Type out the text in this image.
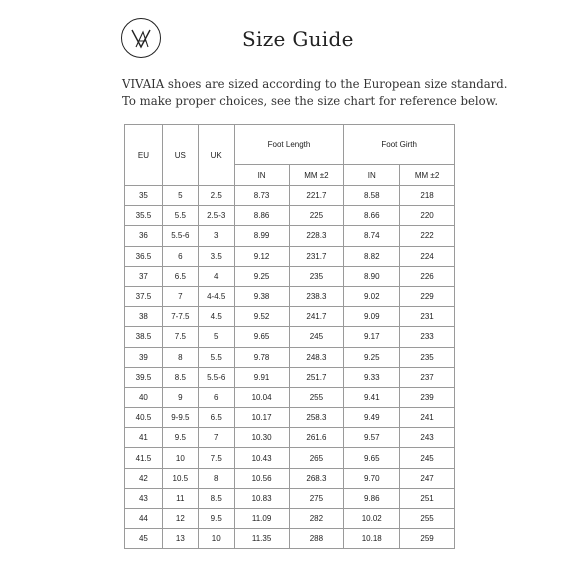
Size Guide
VIVAIA shoes are sized according to the European size standard.
To make proper choices, see the size chart for reference below.
EU	US	UK	Foot Length		Foot Girth	
			IN	MM ±2	IN	MM ±2
35	5	2.5	8.73	221.7	8.58	218
35.5	5.5	2.5-3	8.86	225	8.66	220
36	5.5-6	3	8.99	228.3	8.74	222
36.5	6	3.5	9.12	231.7	8.82	224
37	6.5	4	9.25	235	8.90	226
37.5	7	4-4.5	9.38	238.3	9.02	229
38	7-7.5	4.5	9.52	241.7	9.09	231
38.5	7.5	5	9.65	245	9.17	233
39	8	5.5	9.78	248.3	9.25	235
39.5	8.5	5.5-6	9.91	251.7	9.33	237
40	9	6	10.04	255	9.41	239
40.5	9-9.5	6.5	10.17	258.3	9.49	241
41	9.5	7	10.30	261.6	9.57	243
41.5	10	7.5	10.43	265	9.65	245
42	10.5	8	10.56	268.3	9.70	247
43	11	8.5	10.83	275	9.86	251
44	12	9.5	11.09	282	10.02	255
45	13	10	11.35	288	10.18	259
